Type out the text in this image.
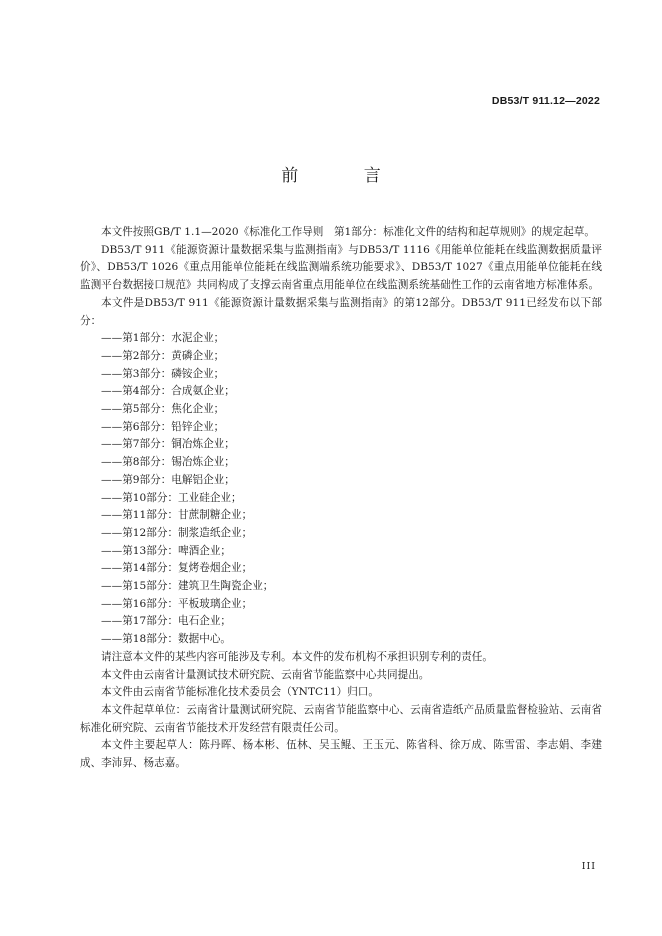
DB53/T 911.12—2022
前 言

本文件按照GB/T 1.1—2020《标准化工作导则　第1部分：标准化文件的结构和起草规则》的规定起草。

DB53/T 911《能源资源计量数据采集与监测指南》与DB53/T 1116《用能单位能耗在线监测数据质量评价》、DB53/T 1026《重点用能单位能耗在线监测端系统功能要求》、DB53/T 1027《重点用能单位能耗在线监测平台数据接口规范》共同构成了支撑云南省重点用能单位在线监测系统基础性工作的云南省地方标准体系。

本文件是DB53/T 911《能源资源计量数据采集与监测指南》的第12部分。DB53/T 911已经发布以下部分：

——第1部分：水泥企业；
——第2部分：黄磷企业；
——第3部分：磷铵企业；
——第4部分：合成氨企业；
——第5部分：焦化企业；
——第6部分：铅锌企业；
——第7部分：铜冶炼企业；
——第8部分：锡冶炼企业；
——第9部分：电解铝企业；
——第10部分：工业硅企业；
——第11部分：甘蔗制糖企业；
——第12部分：制浆造纸企业；
——第13部分：啤酒企业；
——第14部分：复烤卷烟企业；
——第15部分：建筑卫生陶瓷企业；
——第16部分：平板玻璃企业；
——第17部分：电石企业；
——第18部分：数据中心。

请注意本文件的某些内容可能涉及专利。本文件的发布机构不承担识别专利的责任。

本文件由云南省计量测试技术研究院、云南省节能监察中心共同提出。

本文件由云南省节能标准化技术委员会（YNTC11）归口。

本文件起草单位：云南省计量测试研究院、云南省节能监察中心、云南省造纸产品质量监督检验站、云南省标准化研究院、云南省节能技术开发经营有限责任公司。

本文件主要起草人：陈丹晖、杨本彬、伍林、吴玉鲲、王玉元、陈省科、徐万成、陈雪雷、李志娟、李建成、李沛昇、杨志嘉。

III
